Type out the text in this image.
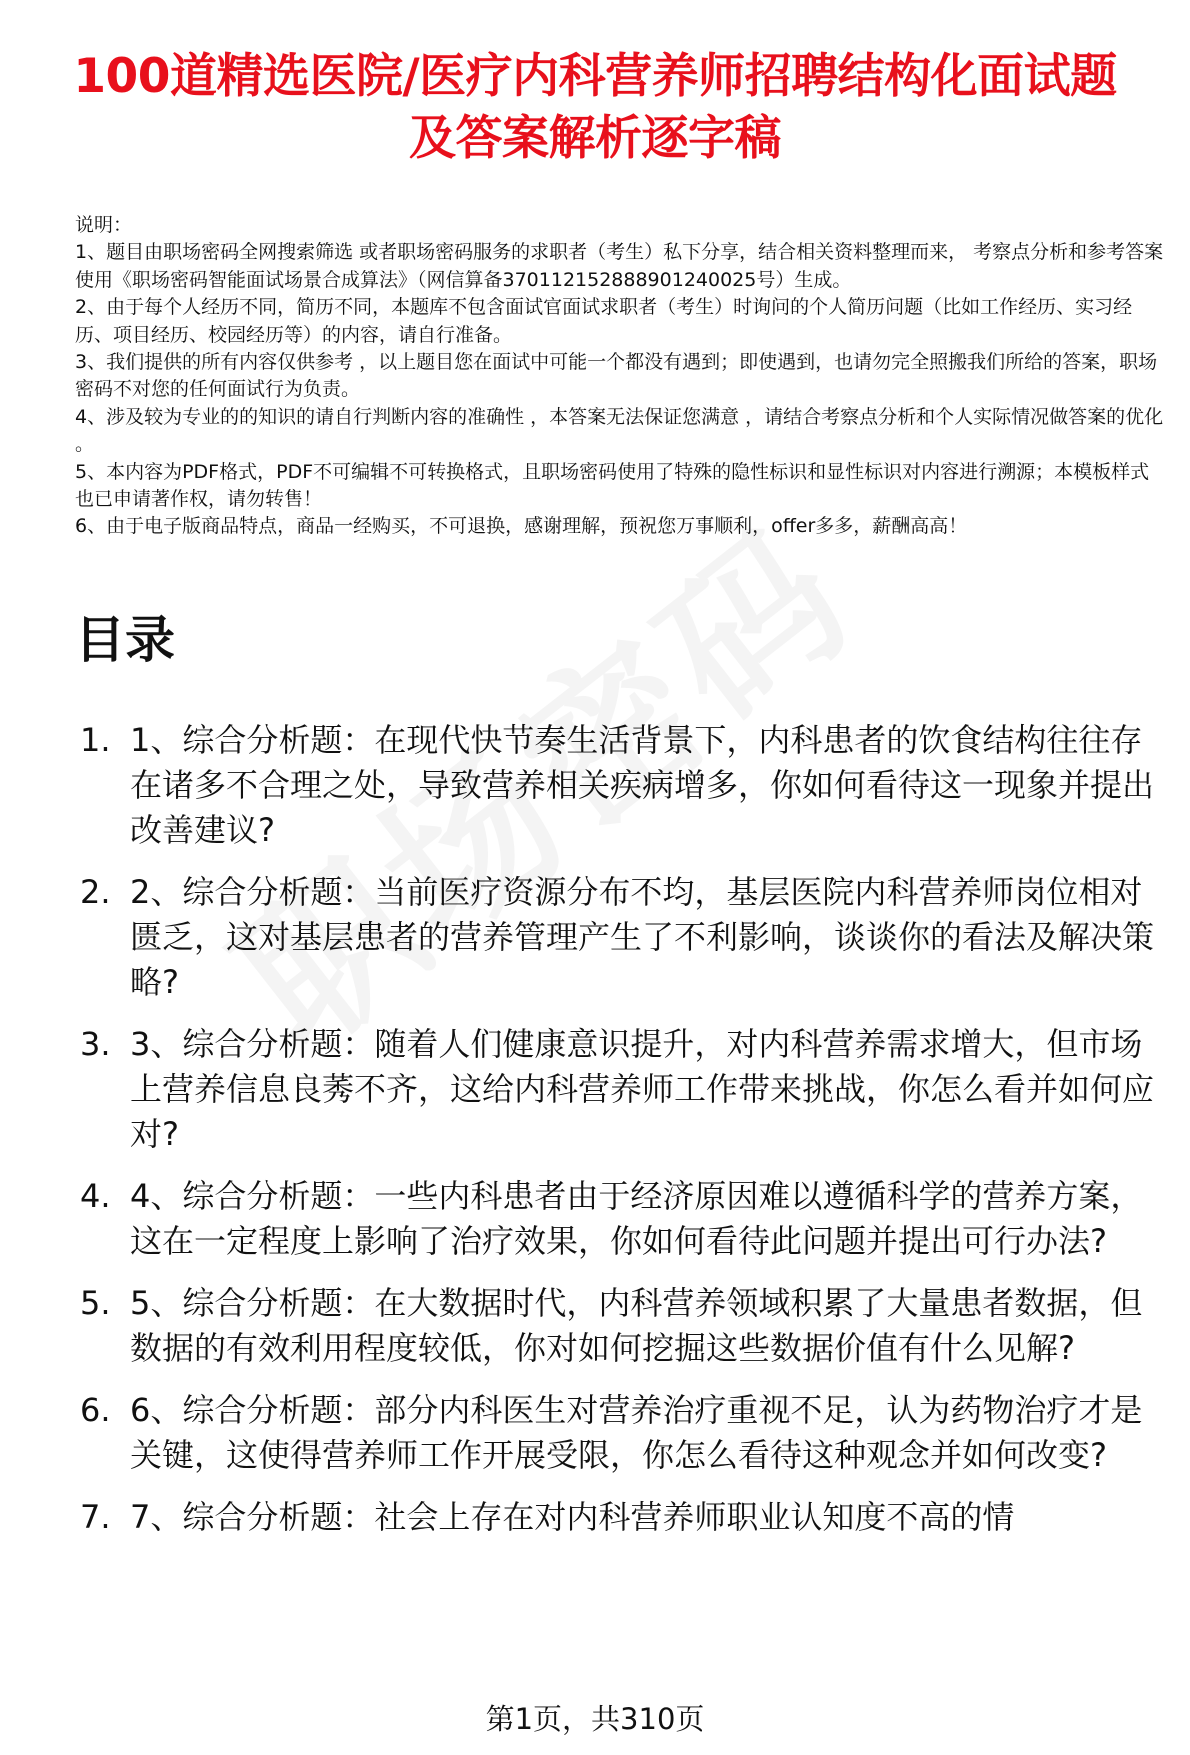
100道精选医院/医疗内科营养师招聘结构化面试题及答案解析逐字稿
说明：
1、题目由职场密码全网搜索筛选 或者职场密码服务的求职者（考生）私下分享，结合相关资料整理而来， 考察点分析和参考答案使用《职场密码智能面试场景合成算法》（网信算备370112152888901240025号）生成。
2、由于每个人经历不同，简历不同，本题库不包含面试官面试求职者（考生）时询问的个人简历问题（比如工作经历、实习经历、项目经历、校园经历等）的内容，请自行准备。
3、我们提供的所有内容仅供参考 ，以上题目您在面试中可能一个都没有遇到；即使遇到，也请勿完全照搬我们所给的答案，职场密码不对您的任何面试行为负责。
4、涉及较为专业的的知识的请自行判断内容的准确性 ，本答案无法保证您满意 ，请结合考察点分析和个人实际情况做答案的优化 。
5、本内容为PDF格式，PDF不可编辑不可转换格式，且职场密码使用了特殊的隐性标识和显性标识对内容进行溯源；本模板样式也已申请著作权，请勿转售！
6、由于电子版商品特点，商品一经购买，不可退换，感谢理解，预祝您万事顺利，offer多多，薪酬高高！
目录
1. 1、综合分析题：在现代快节奏生活背景下，内科患者的饮食结构往往存在诸多不合理之处，导致营养相关疾病增多，你如何看待这一现象并提出改善建议?
2. 2、综合分析题：当前医疗资源分布不均，基层医院内科营养师岗位相对匮乏，这对基层患者的营养管理产生了不利影响，谈谈你的看法及解决策略?
3. 3、综合分析题：随着人们健康意识提升，对内科营养需求增大，但市场上营养信息良莠不齐，这给内科营养师工作带来挑战，你怎么看并如何应对?
4. 4、综合分析题：一些内科患者由于经济原因难以遵循科学的营养方案，这在一定程度上影响了治疗效果，你如何看待此问题并提出可行办法?
5. 5、综合分析题：在大数据时代，内科营养领域积累了大量患者数据，但数据的有效利用程度较低，你对如何挖掘这些数据价值有什么见解?
6. 6、综合分析题：部分内科医生对营养治疗重视不足，认为药物治疗才是关键，这使得营养师工作开展受限，你怎么看待这种观念并如何改变?
7. 7、综合分析题：社会上存在对内科营养师职业认知度不高的情
第1页，共310页
